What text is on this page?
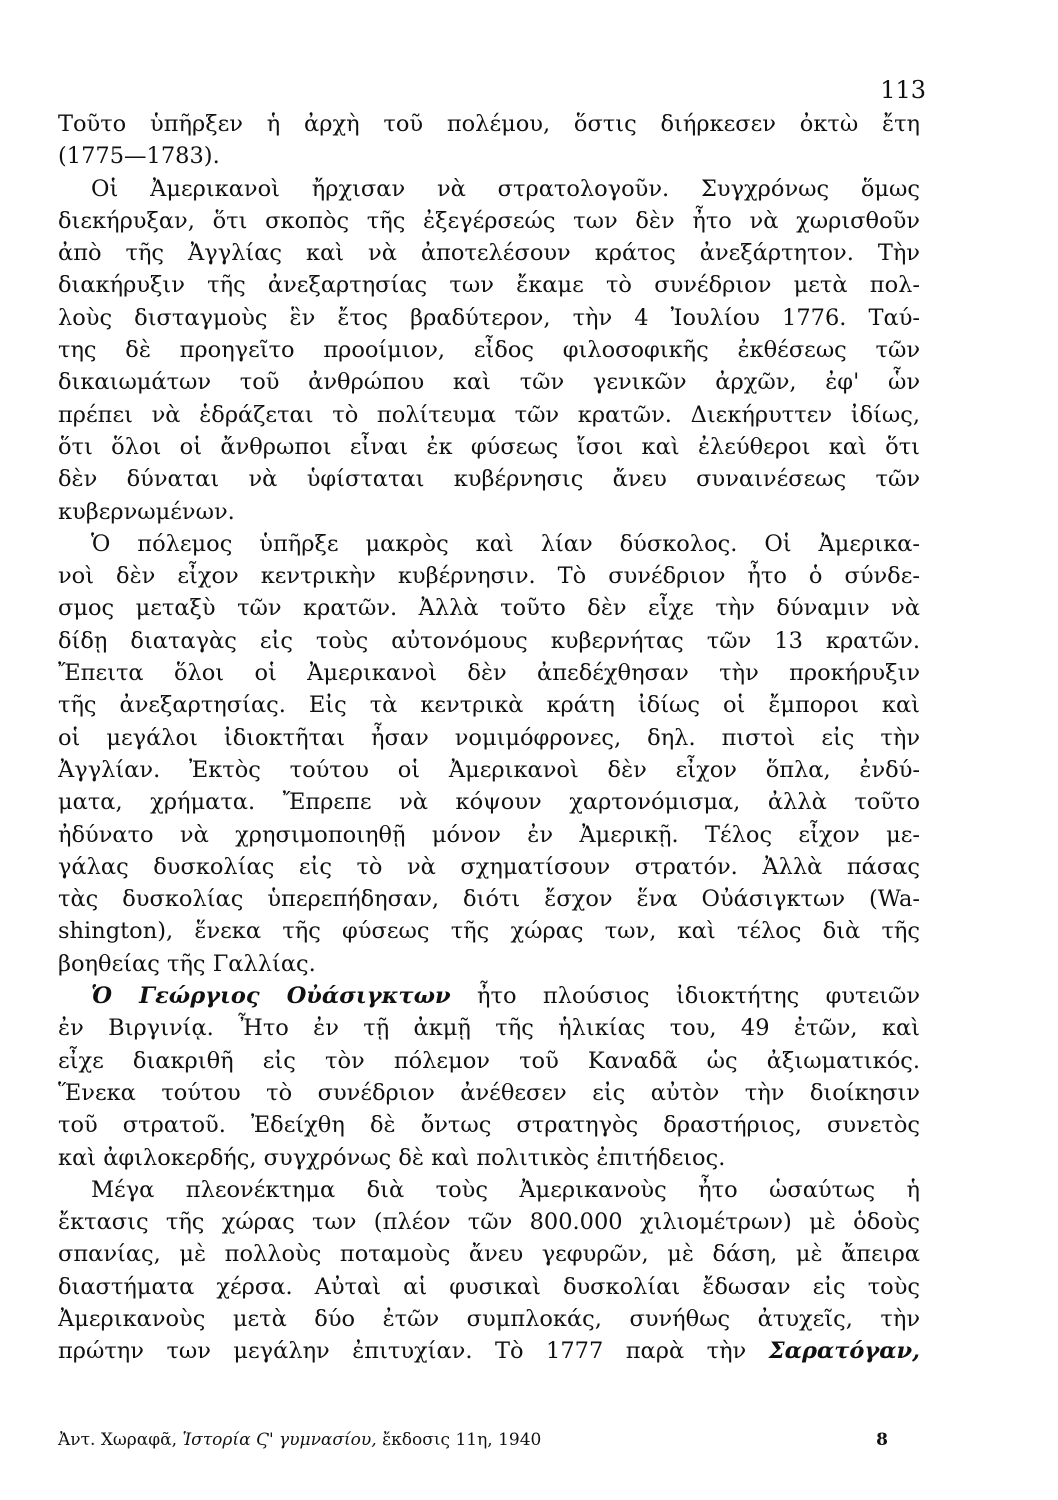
113
Τοῦτο ὑπῆρξεν ἡ ἀρχὴ τοῦ πολέμου, ὅστις διήρκεσεν ὀκτὼ ἔτη
(1775—1783).
Οἱ Ἀμερικανοὶ ἤρχισαν νὰ στρατολογοῦν. Συγχρόνως ὅμως
διεκήρυξαν, ὅτι σκοπὸς τῆς ἐξεγέρσεώς των δὲν ἦτο νὰ χωρισθοῦν
ἀπὸ τῆς Ἀγγλίας καὶ νὰ ἀποτελέσουν κράτος ἀνεξάρτητον. Τὴν
διακήρυξιν τῆς ἀνεξαρτησίας των ἔκαμε τὸ συνέδριον μετὰ πολ-
λοὺς δισταγμοὺς ἓν ἔτος βραδύτερον, τὴν 4 Ἰουλίου 1776. Ταύ-
της δὲ προηγεῖτο προοίμιον, εἶδος φιλοσοφικῆς ἐκθέσεως τῶν
δικαιωμάτων τοῦ ἀνθρώπου καὶ τῶν γενικῶν ἀρχῶν, ἐφ' ὧν
πρέπει νὰ ἑδράζεται τὸ πολίτευμα τῶν κρατῶν. Διεκήρυττεν ἰδίως,
ὅτι ὅλοι οἱ ἄνθρωποι εἶναι ἐκ φύσεως ἴσοι καὶ ἐλεύθεροι καὶ ὅτι
δὲν δύναται νὰ ὑφίσταται κυβέρνησις ἄνευ συναινέσεως τῶν
κυβερνωμένων.
Ὁ πόλεμος ὑπῆρξε μακρὸς καὶ λίαν δύσκολος. Οἱ Ἀμερικα-
νοὶ δὲν εἶχον κεντρικὴν κυβέρνησιν. Τὸ συνέδριον ἦτο ὁ σύνδε-
σμος μεταξὺ τῶν κρατῶν. Ἀλλὰ τοῦτο δὲν εἶχε τὴν δύναμιν νὰ
δίδῃ διαταγὰς εἰς τοὺς αὐτονόμους κυβερνήτας τῶν 13 κρατῶν.
Ἔπειτα ὅλοι οἱ Ἀμερικανοὶ δὲν ἀπεδέχθησαν τὴν προκήρυξιν
τῆς ἀνεξαρτησίας. Εἰς τὰ κεντρικὰ κράτη ἰδίως οἱ ἔμποροι καὶ
οἱ μεγάλοι ἰδιοκτῆται ἦσαν νομιμόφρονες, δηλ. πιστοὶ εἰς τὴν
Ἀγγλίαν. Ἐκτὸς τούτου οἱ Ἀμερικανοὶ δὲν εἶχον ὅπλα, ἐνδύ-
ματα, χρήματα. Ἔπρεπε νὰ κόψουν χαρτονόμισμα, ἀλλὰ τοῦτο
ἠδύνατο νὰ χρησιμοποιηθῇ μόνον ἐν Ἀμερικῇ. Τέλος εἶχον με-
γάλας δυσκολίας εἰς τὸ νὰ σχηματίσουν στρατόν. Ἀλλὰ πάσας
τὰς δυσκολίας ὑπερεπήδησαν, διότι ἔσχον ἕνα Οὐάσιγκτων (Wa-
shington), ἕνεκα τῆς φύσεως τῆς χώρας των, καὶ τέλος διὰ τῆς
βοηθείας τῆς Γαλλίας.
Ὁ Γεώργιος Οὐάσιγκτων ἦτο πλούσιος ἰδιοκτήτης φυτειῶν
ἐν Βιργινίᾳ. Ἦτο ἐν τῇ ἀκμῇ τῆς ἡλικίας του, 49 ἐτῶν, καὶ
εἶχε διακριθῆ εἰς τὸν πόλεμον τοῦ Καναδᾶ ὡς ἀξιωματικός.
Ἕνεκα τούτου τὸ συνέδριον ἀνέθεσεν εἰς αὐτὸν τὴν διοίκησιν
τοῦ στρατοῦ. Ἐδείχθη δὲ ὄντως στρατηγὸς δραστήριος, συνετὸς
καὶ ἀφιλοκερδής, συγχρόνως δὲ καὶ πολιτικὸς ἐπιτήδειος.
Μέγα πλεονέκτημα διὰ τοὺς Ἀμερικανοὺς ἦτο ὡσαύτως ἡ
ἔκτασις τῆς χώρας των (πλέον τῶν 800.000 χιλιομέτρων) μὲ ὁδοὺς
σπανίας, μὲ πολλοὺς ποταμοὺς ἄνευ γεφυρῶν, μὲ δάση, μὲ ἄπειρα
διαστήματα χέρσα. Αὐταὶ αἱ φυσικαὶ δυσκολίαι ἔδωσαν εἰς τοὺς
Ἀμερικανοὺς μετὰ δύο ἐτῶν συμπλοκάς, συνήθως ἀτυχεῖς, τὴν
πρώτην των μεγάλην ἐπιτυχίαν. Τὸ 1777 παρὰ τὴν Σαρατόγαν,
Ἀντ. Χωραφᾶ, Ἱστορία Ϛ' γυμνασίου, ἔκδοσις 11η, 1940	8
